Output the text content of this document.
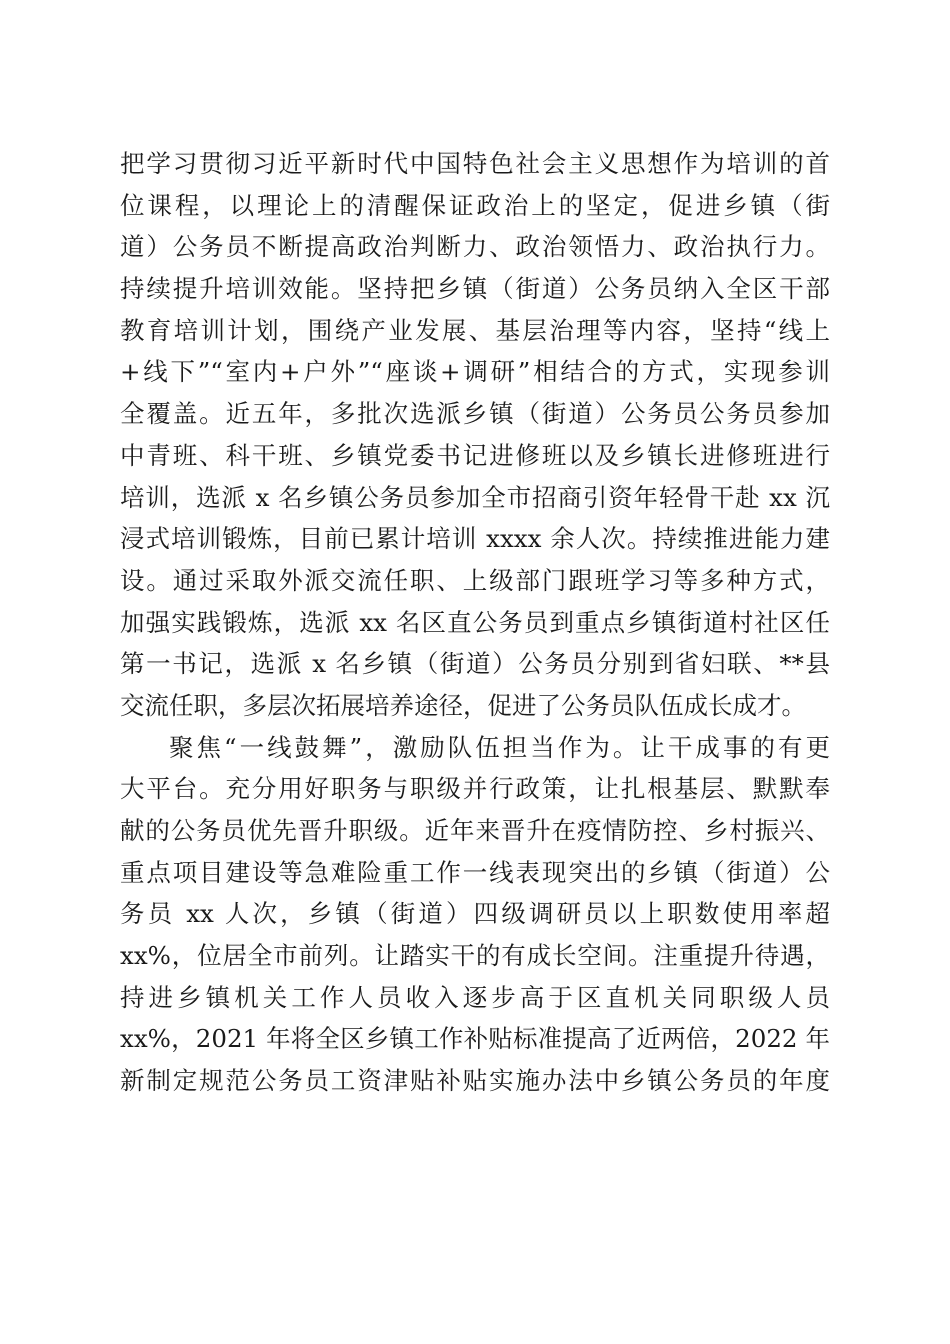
把学习贯彻习近平新时代中国特色社会主义思想作为培训的首
位课程，以理论上的清醒保证政治上的坚定，促进乡镇（街
道）公务员不断提高政治判断力、政治领悟力、政治执行力。
持续提升培训效能。坚持把乡镇（街道）公务员纳入全区干部
教育培训计划，围绕产业发展、基层治理等内容，坚持“线上
+线下”“室内+户外”“座谈+调研”相结合的方式，实现参训
全覆盖。近五年，多批次选派乡镇（街道）公务员公务员参加
中青班、科干班、乡镇党委书记进修班以及乡镇长进修班进行
培训，选派 x 名乡镇公务员参加全市招商引资年轻骨干赴 xx 沉
浸式培训锻炼，目前已累计培训 xxxx 余人次。持续推进能力建
设。通过采取外派交流任职、上级部门跟班学习等多种方式，
加强实践锻炼，选派 xx 名区直公务员到重点乡镇街道村社区任
第一书记，选派 x 名乡镇（街道）公务员分别到省妇联、**县
交流任职，多层次拓展培养途径，促进了公务员队伍成长成才。
聚焦“一线鼓舞”，激励队伍担当作为。让干成事的有更
大平台。充分用好职务与职级并行政策，让扎根基层、默默奉
献的公务员优先晋升职级。近年来晋升在疫情防控、乡村振兴、
重点项目建设等急难险重工作一线表现突出的乡镇（街道）公
务员 xx 人次，乡镇（街道）四级调研员以上职数使用率超
xx%，位居全市前列。让踏实干的有成长空间。注重提升待遇，
持进乡镇机关工作人员收入逐步高于区直机关同职级人员
xx%，2021 年将全区乡镇工作补贴标准提高了近两倍，2022 年
新制定规范公务员工资津贴补贴实施办法中乡镇公务员的年度
